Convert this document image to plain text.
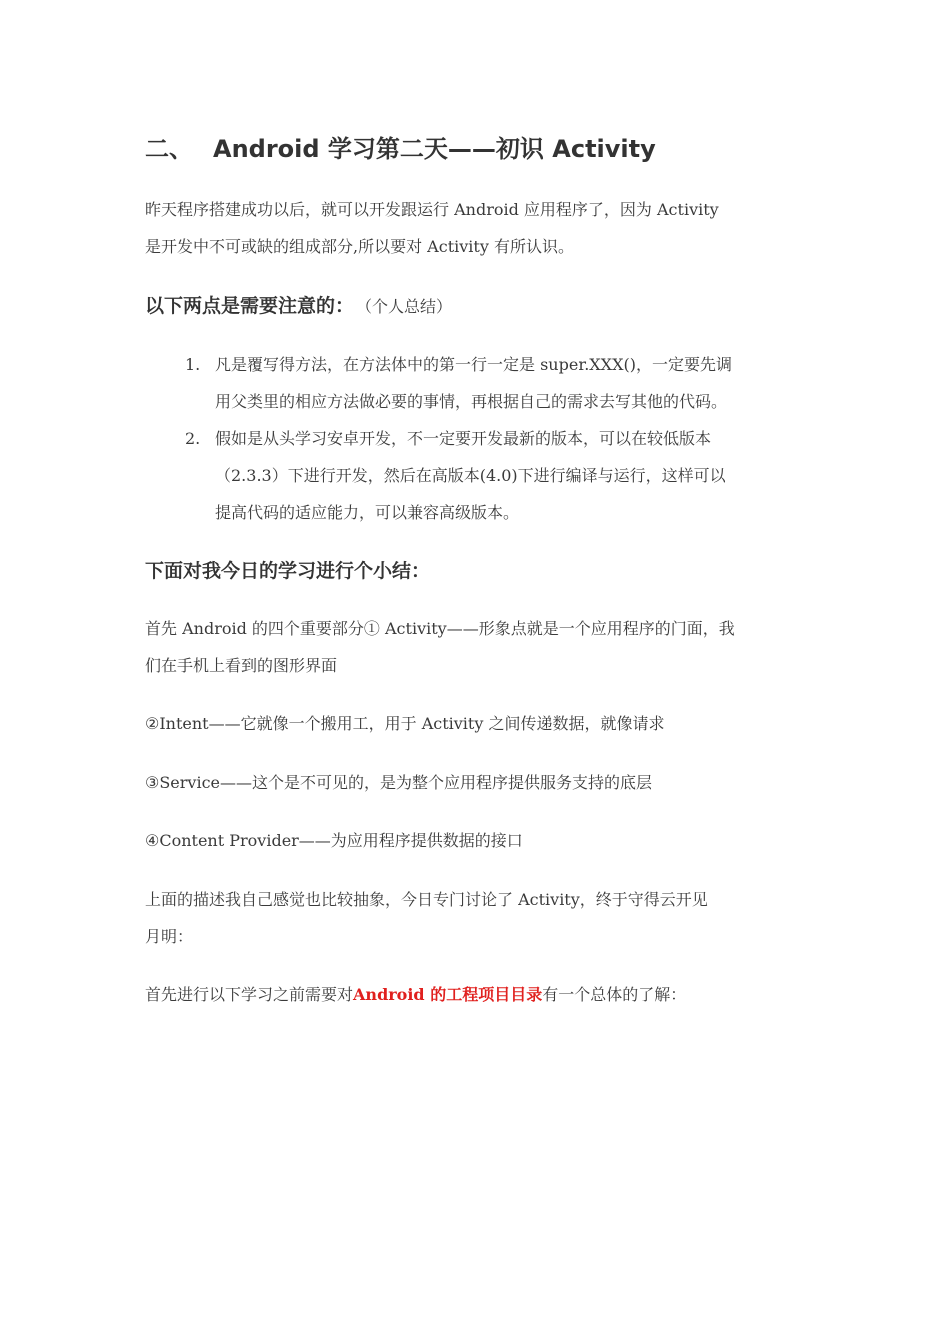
二、 Android 学习第二天——初识 Activity

昨天程序搭建成功以后，就可以开发跟运行 Android 应用程序了，因为 Activity
是开发中不可或缺的组成部分,所以要对 Activity 有所认识。

以下两点是需要注意的： （个人总结）
1. 凡是覆写得方法，在方法体中的第一行一定是 super.XXX()，一定要先调
用父类里的相应方法做必要的事情，再根据自己的需求去写其他的代码。
2. 假如是从头学习安卓开发，不一定要开发最新的版本，可以在较低版本
（2.3.3）下进行开发，然后在高版本(4.0)下进行编译与运行，这样可以
提高代码的适应能力，可以兼容高级版本。
下面对我今日的学习进行个小结：

首先 Android 的四个重要部分① Activity——形象点就是一个应用程序的门面，我
们在手机上看到的图形界面

②Intent——它就像一个搬用工，用于 Activity 之间传递数据，就像请求

③Service——这个是不可见的，是为整个应用程序提供服务支持的底层

④Content Provider——为应用程序提供数据的接口

上面的描述我自己感觉也比较抽象，今日专门讨论了 Activity，终于守得云开见
月明：

首先进行以下学习之前需要对Android 的工程项目目录有一个总体的了解：
